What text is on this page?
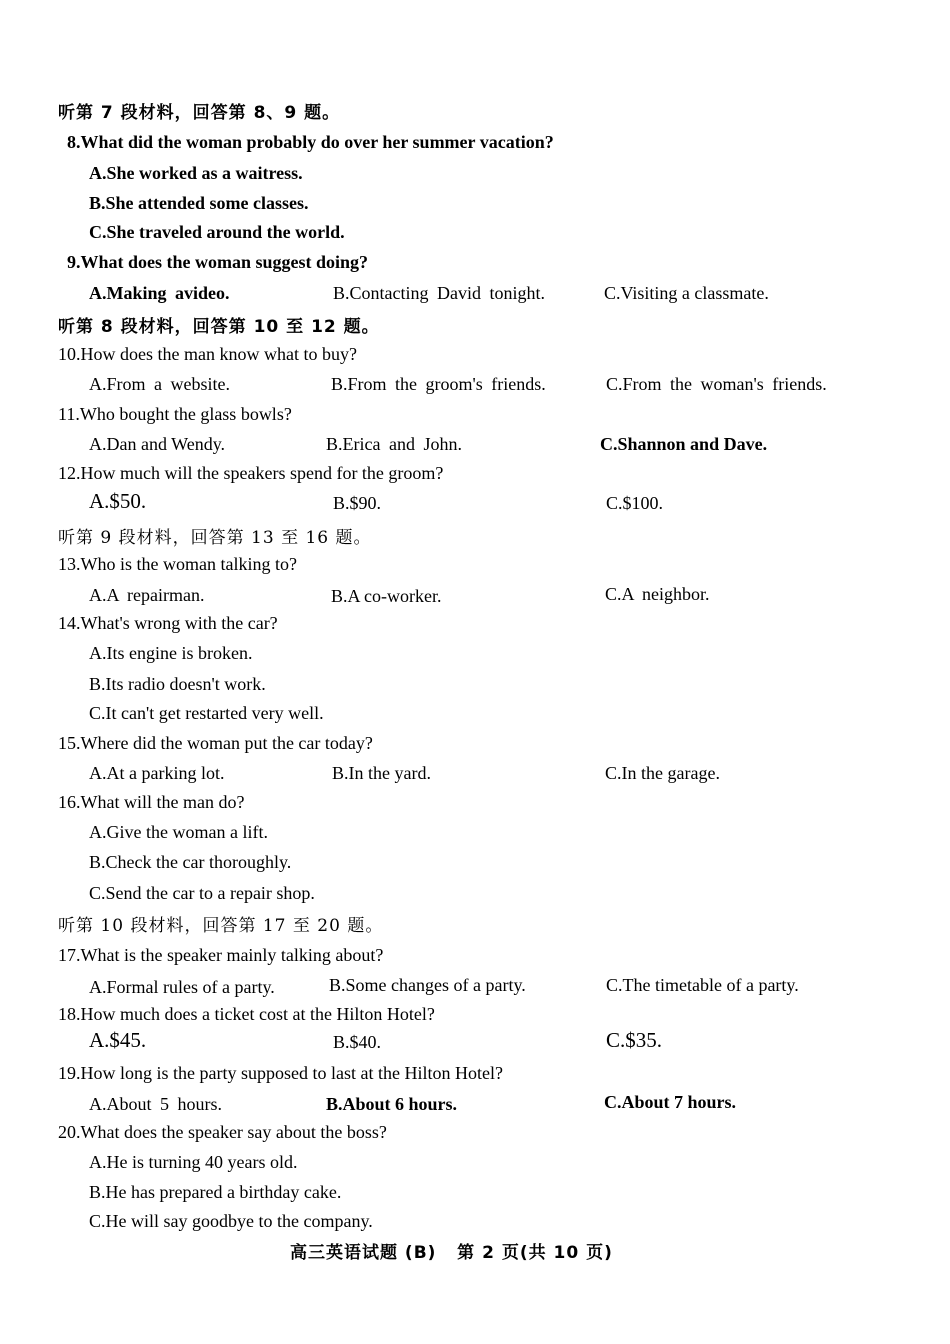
听第 7 段材料，回答第 8、9 题。
8.What did the woman probably do over her summer vacation?
A.She worked as a waitress.
B.She attended some classes.
C.She traveled around the world.
9.What does the woman suggest doing?
A.Making avideo.	B.Contacting David tonight.	C.Visiting a classmate.
听第 8 段材料，回答第 10 至 12 题。
10.How does the man know what to buy?
A.From a website.	B.From the groom's friends.	C.From the woman's friends.
11.Who bought the glass bowls?
A.Dan and Wendy.	B.Erica and John.	C.Shannon and Dave.
12.How much will the speakers spend for the groom?
A.$50.	B.$90.	C.$100.
听第 9 段材料，回答第 13 至 16 题。
13.Who is the woman talking to?
A.A repairman.	B.A co-worker.	C.A neighbor.
14.What's wrong with the car?
A.Its engine is broken.
B.Its radio doesn't work.
C.It can't get restarted very well.
15.Where did the woman put the car today?
A.At a parking lot.	B.In the yard.	C.In the garage.
16.What will the man do?
A.Give the woman a lift.
B.Check the car thoroughly.
C.Send the car to a repair shop.
听第 10 段材料，回答第 17 至 20 题。
17.What is the speaker mainly talking about?
A.Formal rules of a party.	B.Some changes of a party.	C.The timetable of a party.
18.How much does a ticket cost at the Hilton Hotel?
A.$45.	B.$40.	C.$35.
19.How long is the party supposed to last at the Hilton Hotel?
A.About 5 hours.	B.About 6 hours.	C.About 7 hours.
20.What does the speaker say about the boss?
A.He is turning 40 years old.
B.He has prepared a birthday cake.
C.He will say goodbye to the company.
高三英语试题 (B)   第 2 页(共 10 页)
